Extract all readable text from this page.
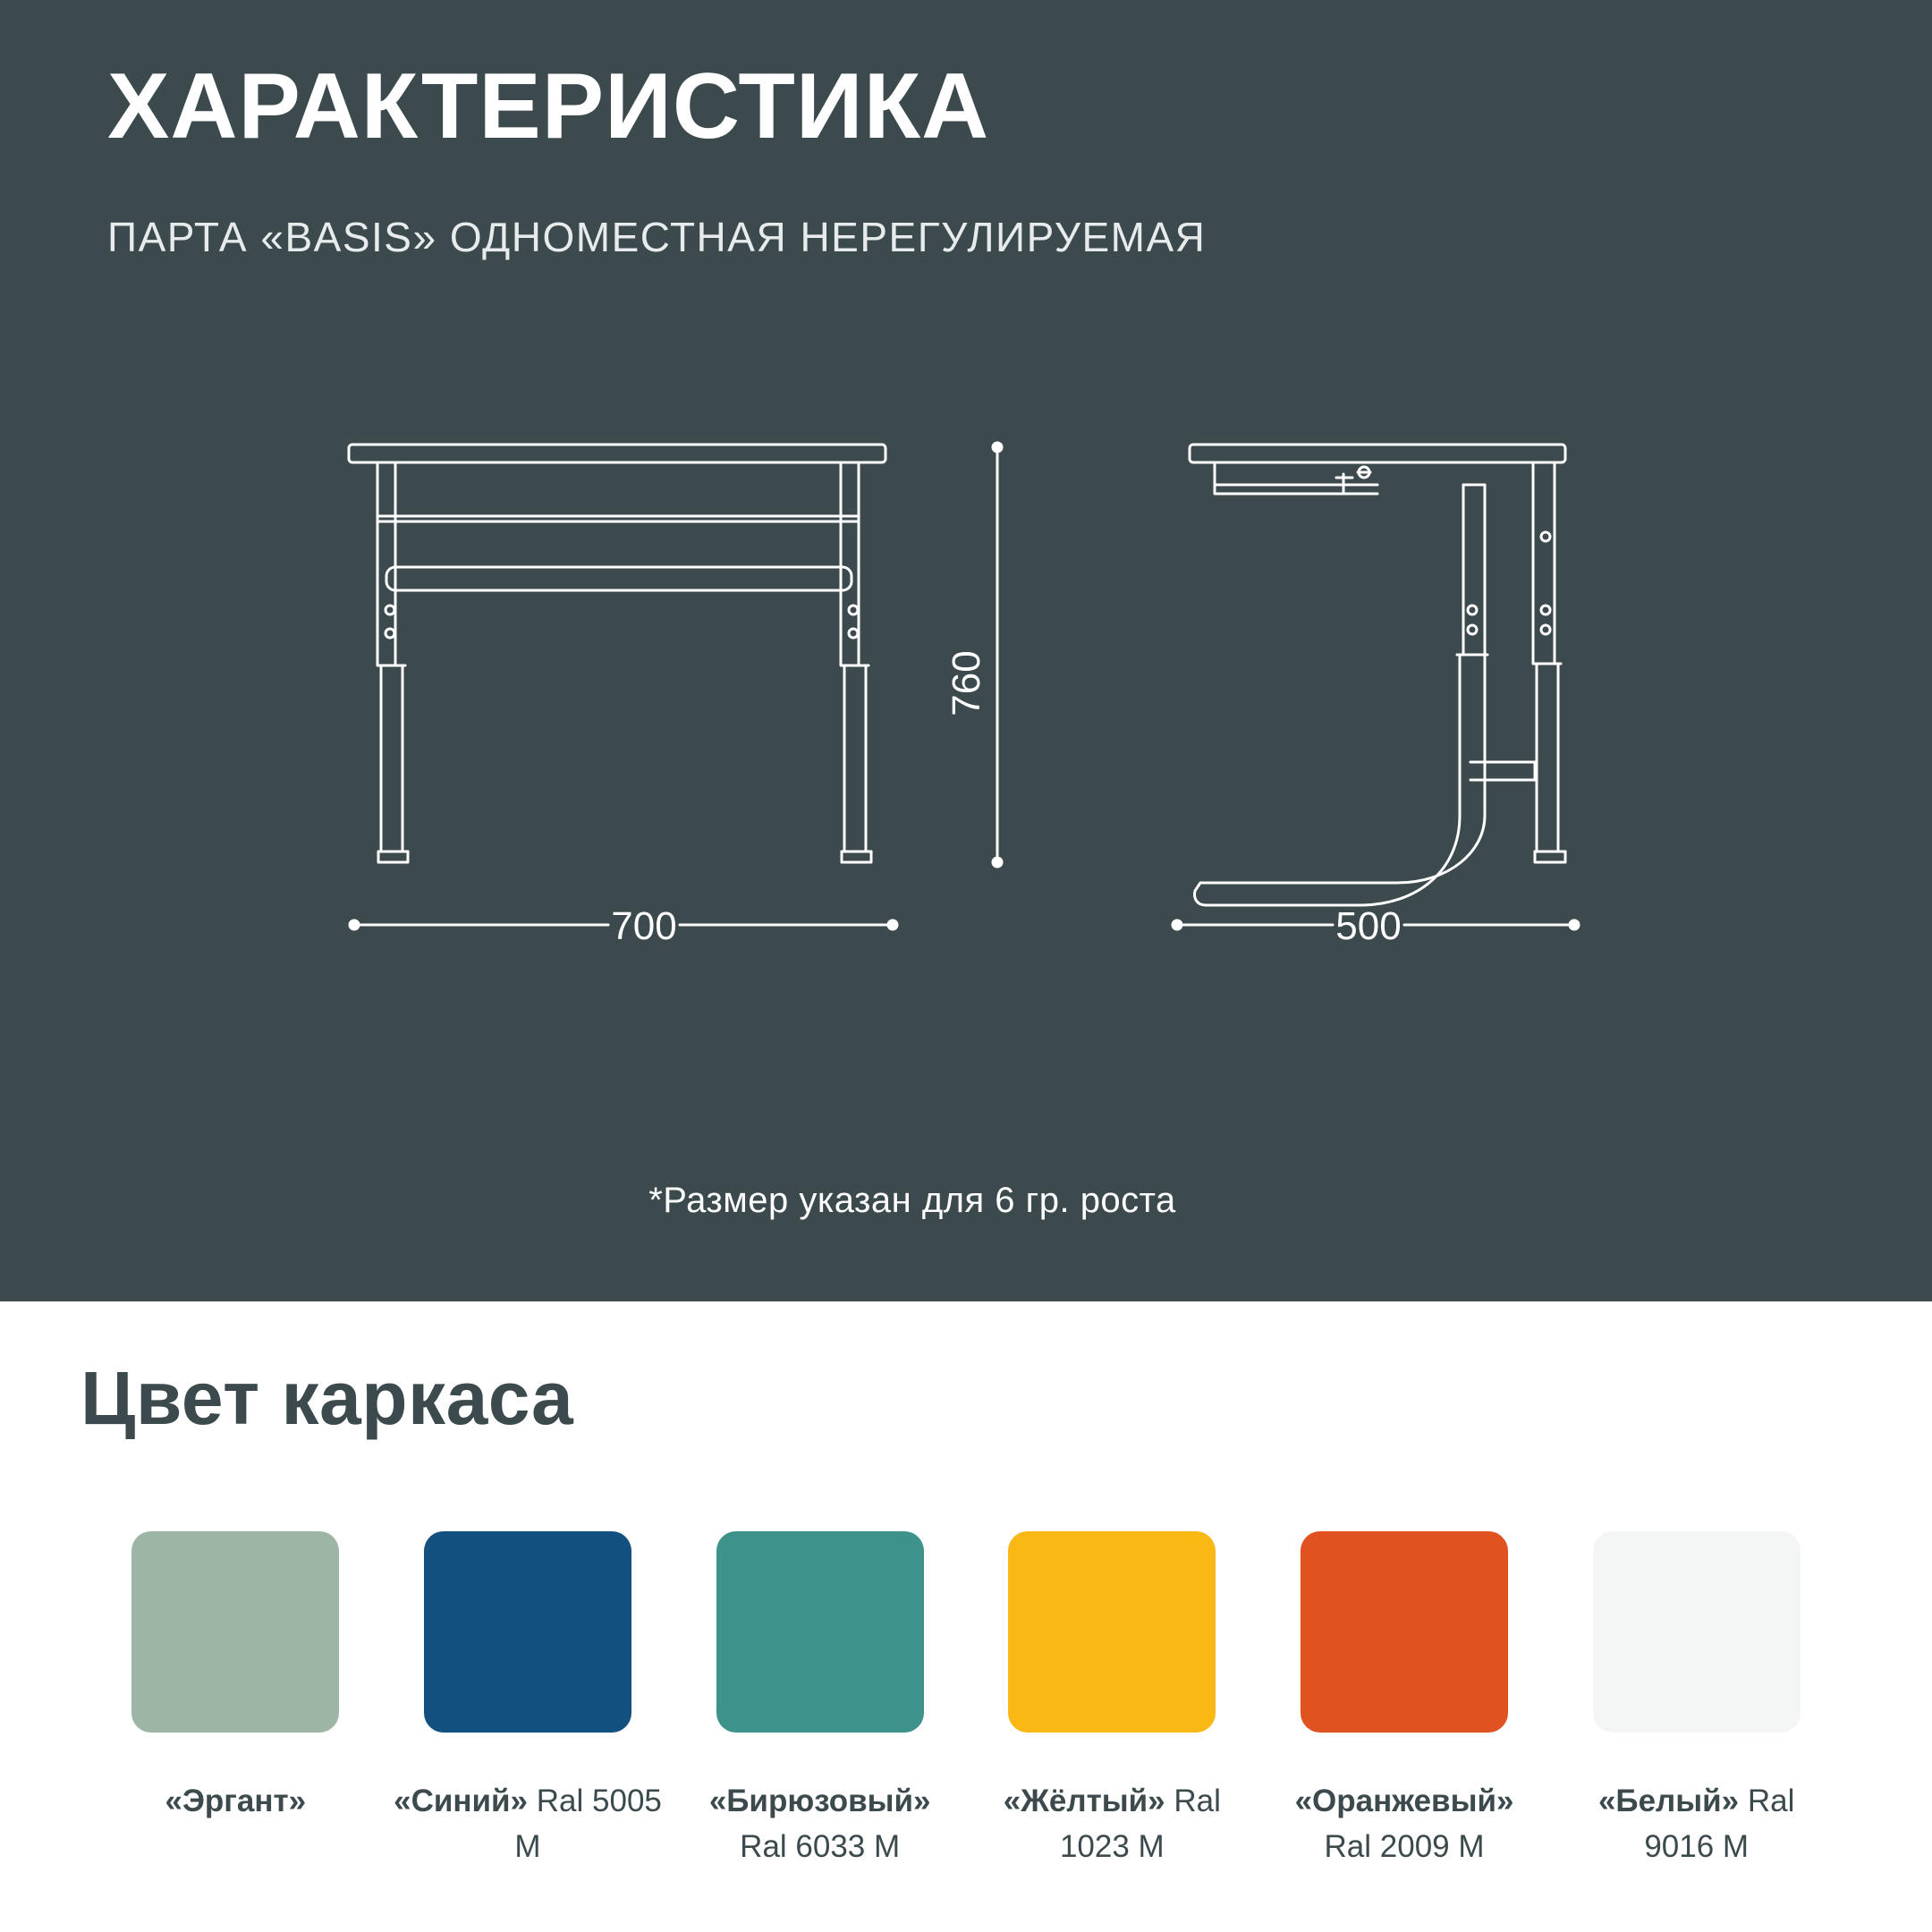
ХАРАКТЕРИСТИКА
ПАРТА «BASIS» ОДНОМЕСТНАЯ НЕРЕГУЛИРУЕМАЯ
760
700	500
*Размер указан для 6 гр. роста
Цвет каркаса
«Эргант»	«Синий» Ral 5005 M
«Бирюзовый» Ral 6033 M
«Жёлтый» Ral 1023 M
«Оранжевый» Ral 2009 M
«Белый» Ral 9016 M
